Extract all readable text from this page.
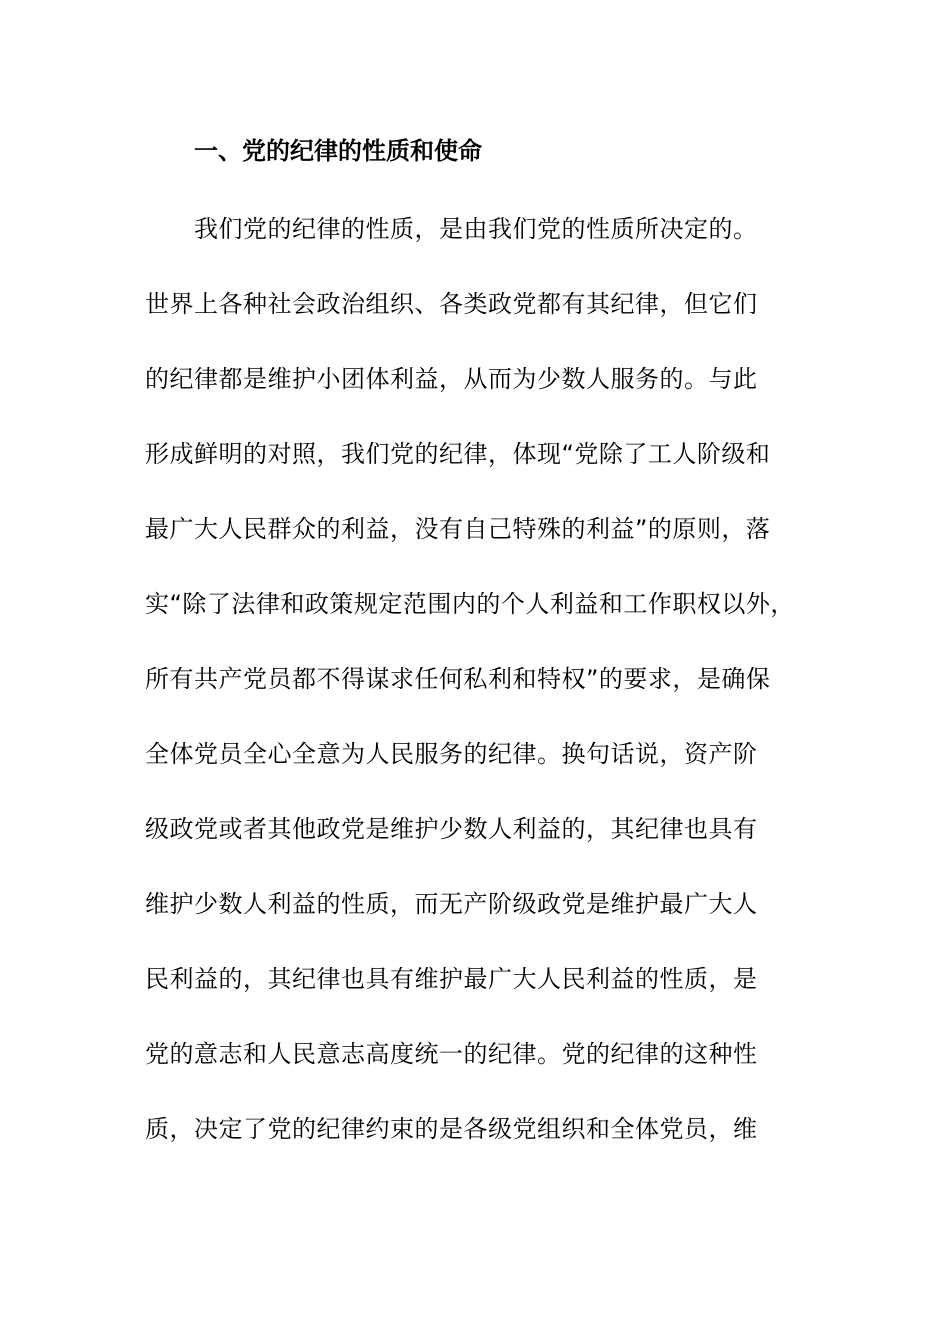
一、党的纪律的性质和使命
我们党的纪律的性质，是由我们党的性质所决定的。
世界上各种社会政治组织、各类政党都有其纪律，但它们
的纪律都是维护小团体利益，从而为少数人服务的。与此
形成鲜明的对照，我们党的纪律，体现“党除了工人阶级和
最广大人民群众的利益，没有自己特殊的利益”的原则，落
实“除了法律和政策规定范围内的个人利益和工作职权以外，
所有共产党员都不得谋求任何私利和特权”的要求，是确保
全体党员全心全意为人民服务的纪律。换句话说，资产阶
级政党或者其他政党是维护少数人利益的，其纪律也具有
维护少数人利益的性质，而无产阶级政党是维护最广大人
民利益的，其纪律也具有维护最广大人民利益的性质，是
党的意志和人民意志高度统一的纪律。党的纪律的这种性
质，决定了党的纪律约束的是各级党组织和全体党员，维
